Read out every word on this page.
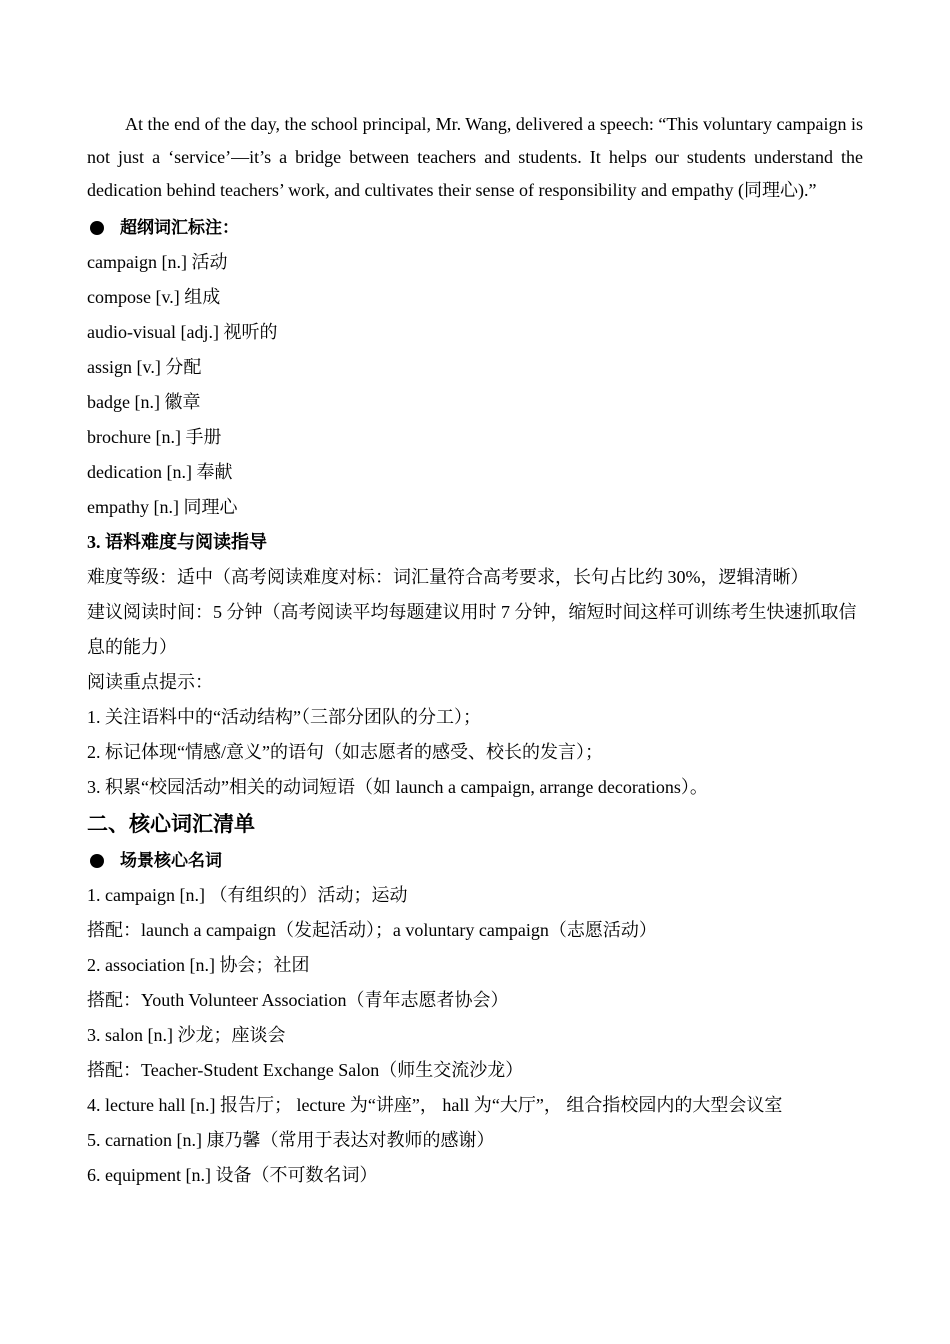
At the end of the day, the school principal, Mr. Wang, delivered a speech: “This voluntary campaign is not just a ‘service’—it’s a bridge between teachers and students. It helps our students understand the dedication behind teachers’ work, and cultivates their sense of responsibility and empathy (同理心).”

超纲词汇标注：

campaign [n.] 活动

compose [v.] 组成

audio-visual [adj.] 视听的

assign [v.] 分配

badge [n.] 徽章

brochure [n.] 手册

dedication [n.] 奉献

empathy [n.] 同理心

3. 语料难度与阅读指导

难度等级：适中（高考阅读难度对标：词汇量符合高考要求，长句占比约 30%，逻辑清晰）

建议阅读时间：5 分钟（高考阅读平均每题建议用时 7 分钟，缩短时间这样可训练考生快速抓取信息的能力）

阅读重点提示：

1. 关注语料中的“活动结构”（三部分团队的分工）；

2. 标记体现“情感/意义”的语句（如志愿者的感受、校长的发言）；

3. 积累“校园活动”相关的动词短语（如 launch a campaign, arrange decorations）。

二、核心词汇清单

场景核心名词

1. campaign [n.] （有组织的）活动；运动

搭配：launch a campaign（发起活动）；a voluntary campaign（志愿活动）

2. association [n.] 协会；社团

搭配：Youth Volunteer Association（青年志愿者协会）

3. salon [n.] 沙龙；座谈会

搭配：Teacher-Student Exchange Salon（师生交流沙龙）

4. lecture hall [n.] 报告厅； lecture 为“讲座”， hall 为“大厅”， 组合指校园内的大型会议室

5. carnation [n.] 康乃馨（常用于表达对教师的感谢）

6. equipment [n.] 设备（不可数名词）
